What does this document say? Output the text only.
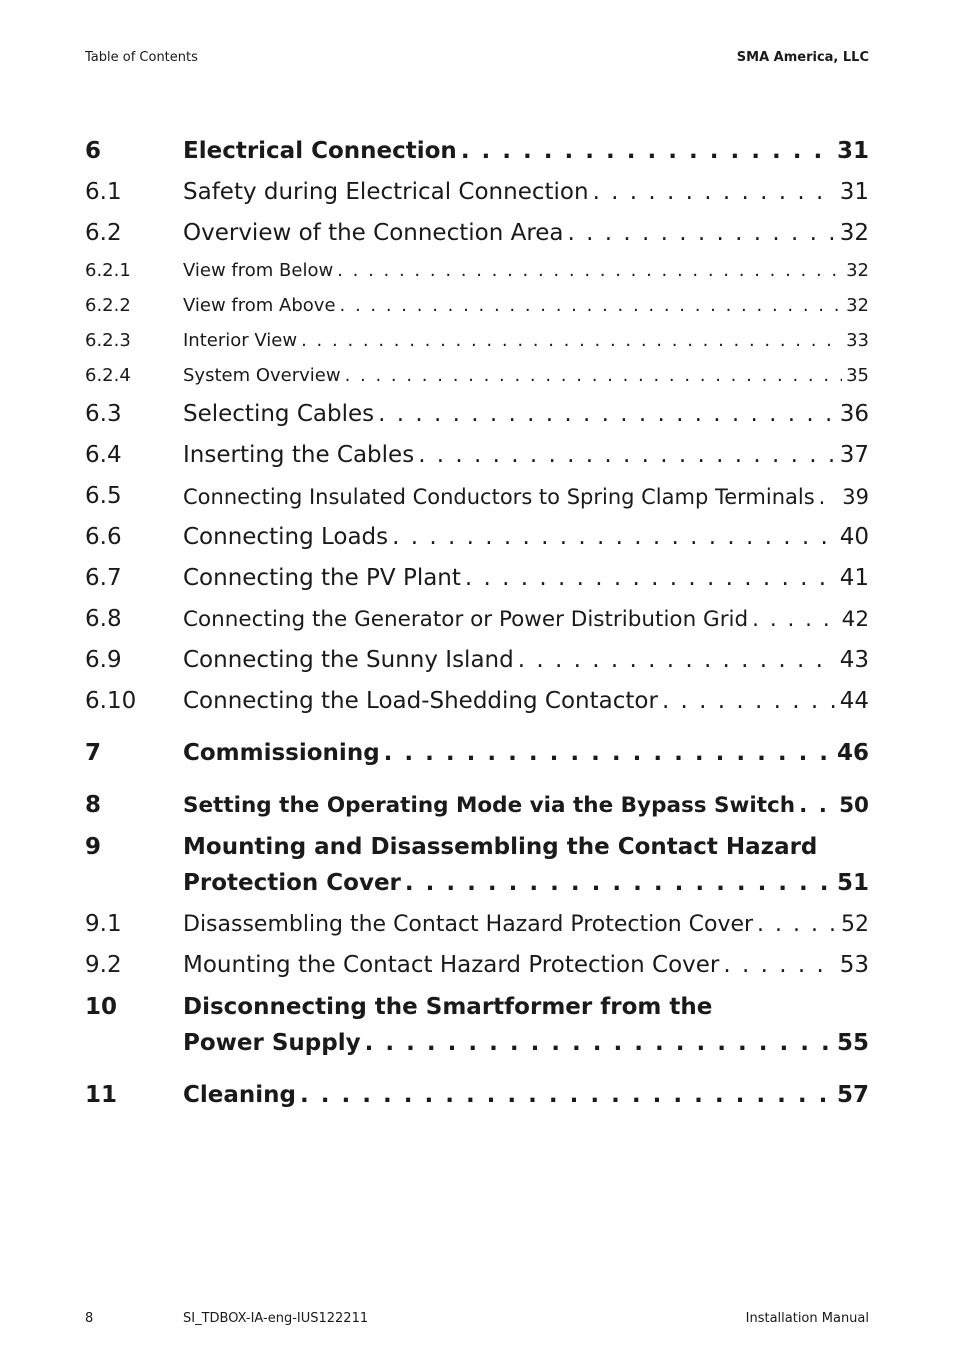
Table of Contents	SMA America, LLC
6	Electrical Connection . . .	31
6.1	Safety during Electrical Connection . . .	31
6.2	Overview of the Connection Area . . .	32
6.2.1	View from Below . . .	32
6.2.2	View from Above . . .	32
6.2.3	Interior View . . .	33
6.2.4	System Overview . . .	35
6.3	Selecting Cables . . .	36
6.4	Inserting the Cables . . .	37
6.5	Connecting Insulated Conductors to Spring Clamp Terminals . . . 39
6.6	Connecting Loads . . .	40
6.7	Connecting the PV Plant . . .	41
6.8	Connecting the Generator or Power Distribution Grid . . .	42
6.9	Connecting the Sunny Island . . .	43
6.10	Connecting the Load-Shedding Contactor . . .	44
7	Commissioning . . .	46
8	Setting the Operating Mode via the Bypass Switch . . . 50
9	Mounting and Disassembling the Contact Hazard
Protection Cover . . .	51
9.1	Disassembling the Contact Hazard Protection Cover . . .	52
9.2	Mounting the Contact Hazard Protection Cover . . .	53
10	Disconnecting the Smartformer from the
Power Supply . . .	55
11	Cleaning . . .	57
8	SI_TDBOX-IA-eng-IUS122211	Installation Manual
